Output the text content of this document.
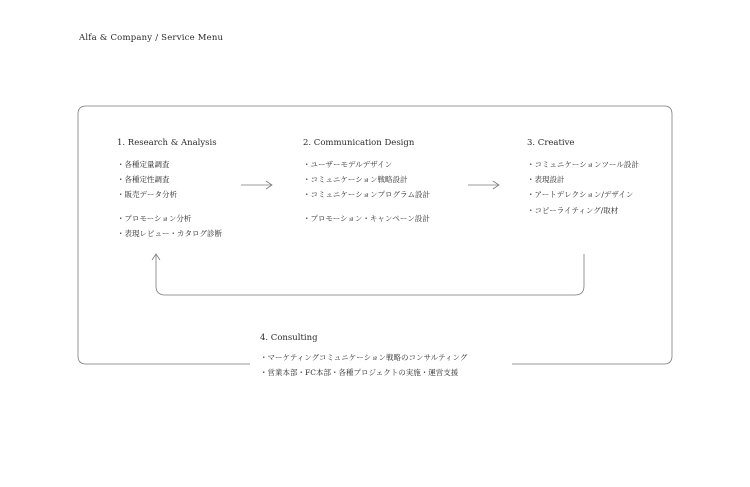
Alfa & Company / Service Menu
1. Research & Analysis
・各種定量調査
・各種定性調査
・販売データ分析
・プロモーション分析
・表現レビュー・カタログ診断
2. Communication Design
・ユーザーモデルデザイン
・コミュニケーション戦略設計
・コミュニケーションプログラム設計
・プロモーション・キャンペーン設計
3. Creative
・コミュニケーションツール設計
・表現設計
・アートデレクション/デザイン
・コピーライティング/取材
4. Consulting
・マーケティングコミュニケーション戦略のコンサルティング
・営業本部・FC本部・各種プロジェクトの実施・運営支援
